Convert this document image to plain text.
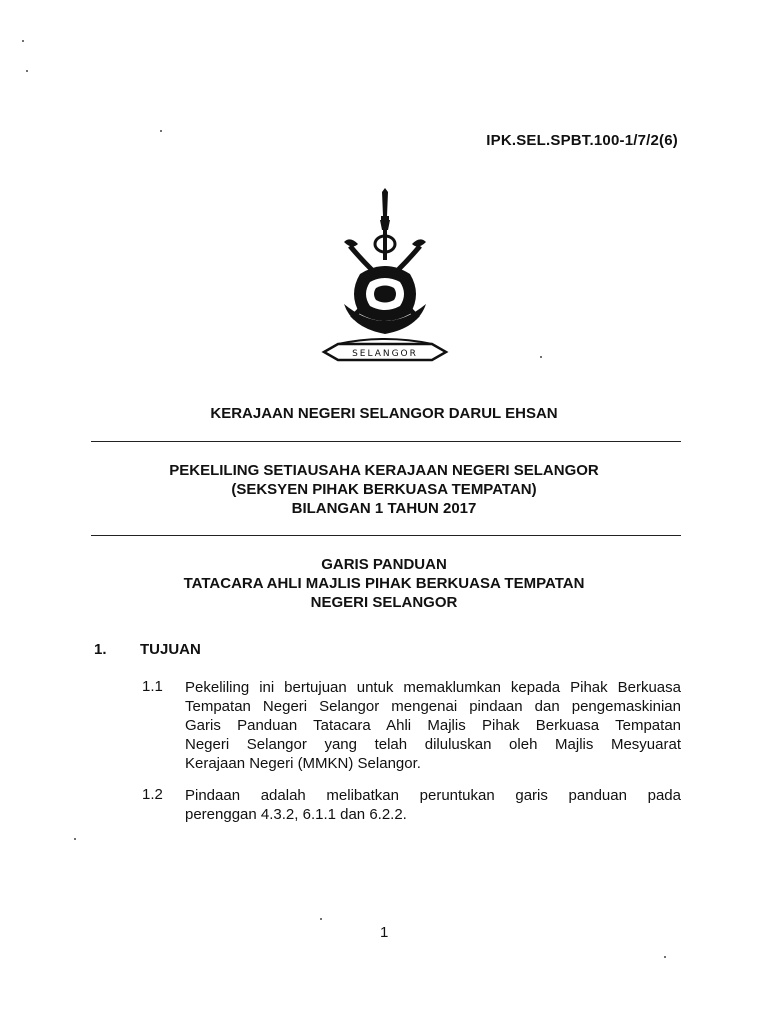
IPK.SEL.SPBT.100-1/7/2(6)
SELANGOR
KERAJAAN NEGERI SELANGOR DARUL EHSAN
PEKELILING SETIAUSAHA KERAJAAN NEGERI SELANGOR
(SEKSYEN PIHAK BERKUASA TEMPATAN)
BILANGAN 1 TAHUN 2017
GARIS PANDUAN
TATACARA AHLI MAJLIS PIHAK BERKUASA TEMPATAN
NEGERI SELANGOR
1. TUJUAN
1.1 Pekeliling ini bertujuan untuk memaklumkan kepada Pihak Berkuasa
Tempatan Negeri Selangor mengenai pindaan dan pengemaskinian
Garis Panduan Tatacara Ahli Majlis Pihak Berkuasa Tempatan
Negeri Selangor yang telah diluluskan oleh Majlis Mesyuarat
Kerajaan Negeri (MMKN) Selangor.
1.2 Pindaan adalah melibatkan peruntukan garis panduan pada
perenggan 4.3.2, 6.1.1 dan 6.2.2.
1
